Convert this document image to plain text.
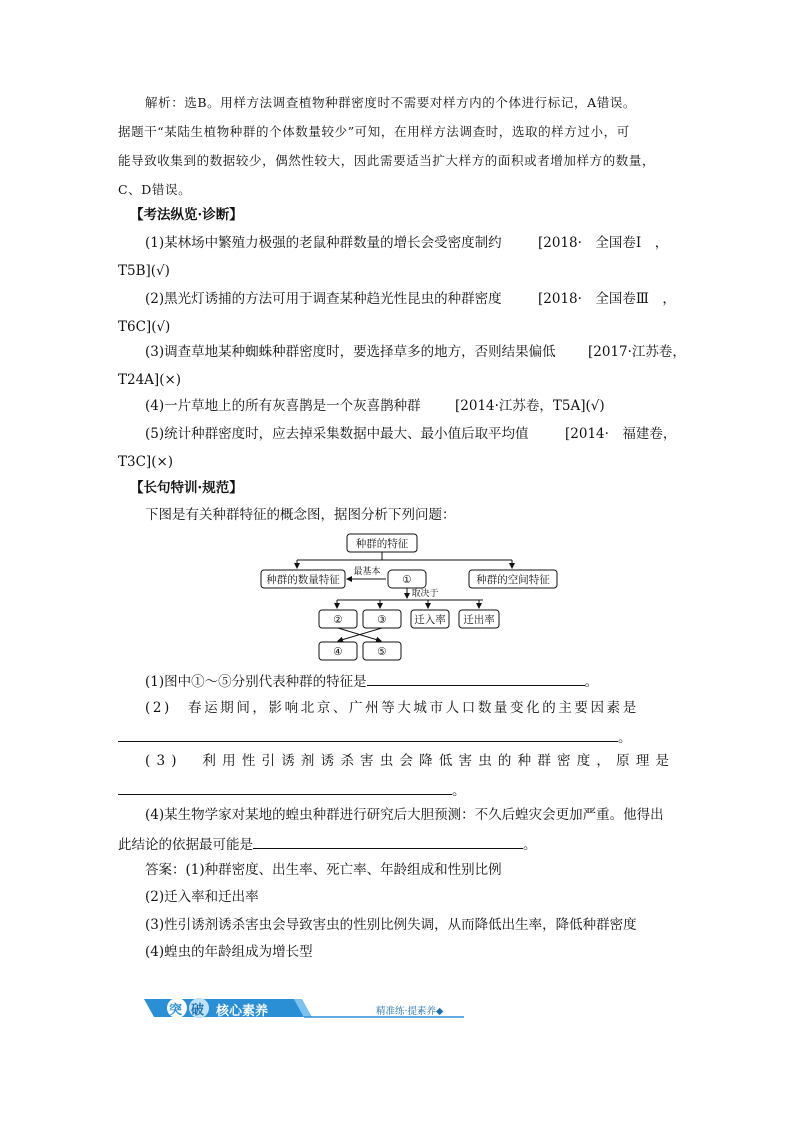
解析：选B。用样方法调查植物种群密度时不需要对样方内的个体进行标记，A错误。
据题干“某陆生植物种群的个体数量较少”可知，在用样方法调查时，选取的样方过小，可
能导致收集到的数据较少，偶然性较大，因此需要适当扩大样方的面积或者增加样方的数量，
C、D错误。
【考法纵览·诊断】
(1)某林场中繁殖力极强的老鼠种群数量的增长会受密度制约	[2018·　全国卷Ⅰ　，
T5B](√)
(2)黑光灯诱捕的方法可用于调查某种趋光性昆虫的种群密度	[2018·　全国卷Ⅲ　，
T6C](√)
(3)调查草地某种蜘蛛种群密度时，要选择草多的地方，否则结果偏低 [2017·江苏卷，
T24A](×)
(4)一片草地上的所有灰喜鹊是一个灰喜鹊种群	[2014·江苏卷，T5A](√)
(5)统计种群密度时，应去掉采集数据中最大、最小值后取平均值	[2014·　福建卷，
T3C](×)
【长句特训·规范】
下图是有关种群特征的概念图，据图分析下列问题：
种群的特征
种群的数量特征	种群的空间特征
①
最基本
取决于
②	③	迁入率 迁出率
④	⑤
(1)图中①～⑤分别代表种群的特征是	。
(2)　春运期间，影响北京、广州等大城市人口数量变化的主要因素是
。
(3)　利用性引诱剂诱杀害虫会降低害虫的种群密度，原理是
。
(4)某生物学家对某地的蝗虫种群进行研究后大胆预测：不久后蝗灾会更加严重。他得出
此结论的依据最可能是	。
答案：(1)种群密度、出生率、死亡率、年龄组成和性别比例
(2)迁入率和迁出率
(3)性引诱剂诱杀害虫会导致害虫的性别比例失调，从而降低出生率，降低种群密度
(4)蝗虫的年龄组成为增长型
突 破 核心素养	精准练·提素养◆
